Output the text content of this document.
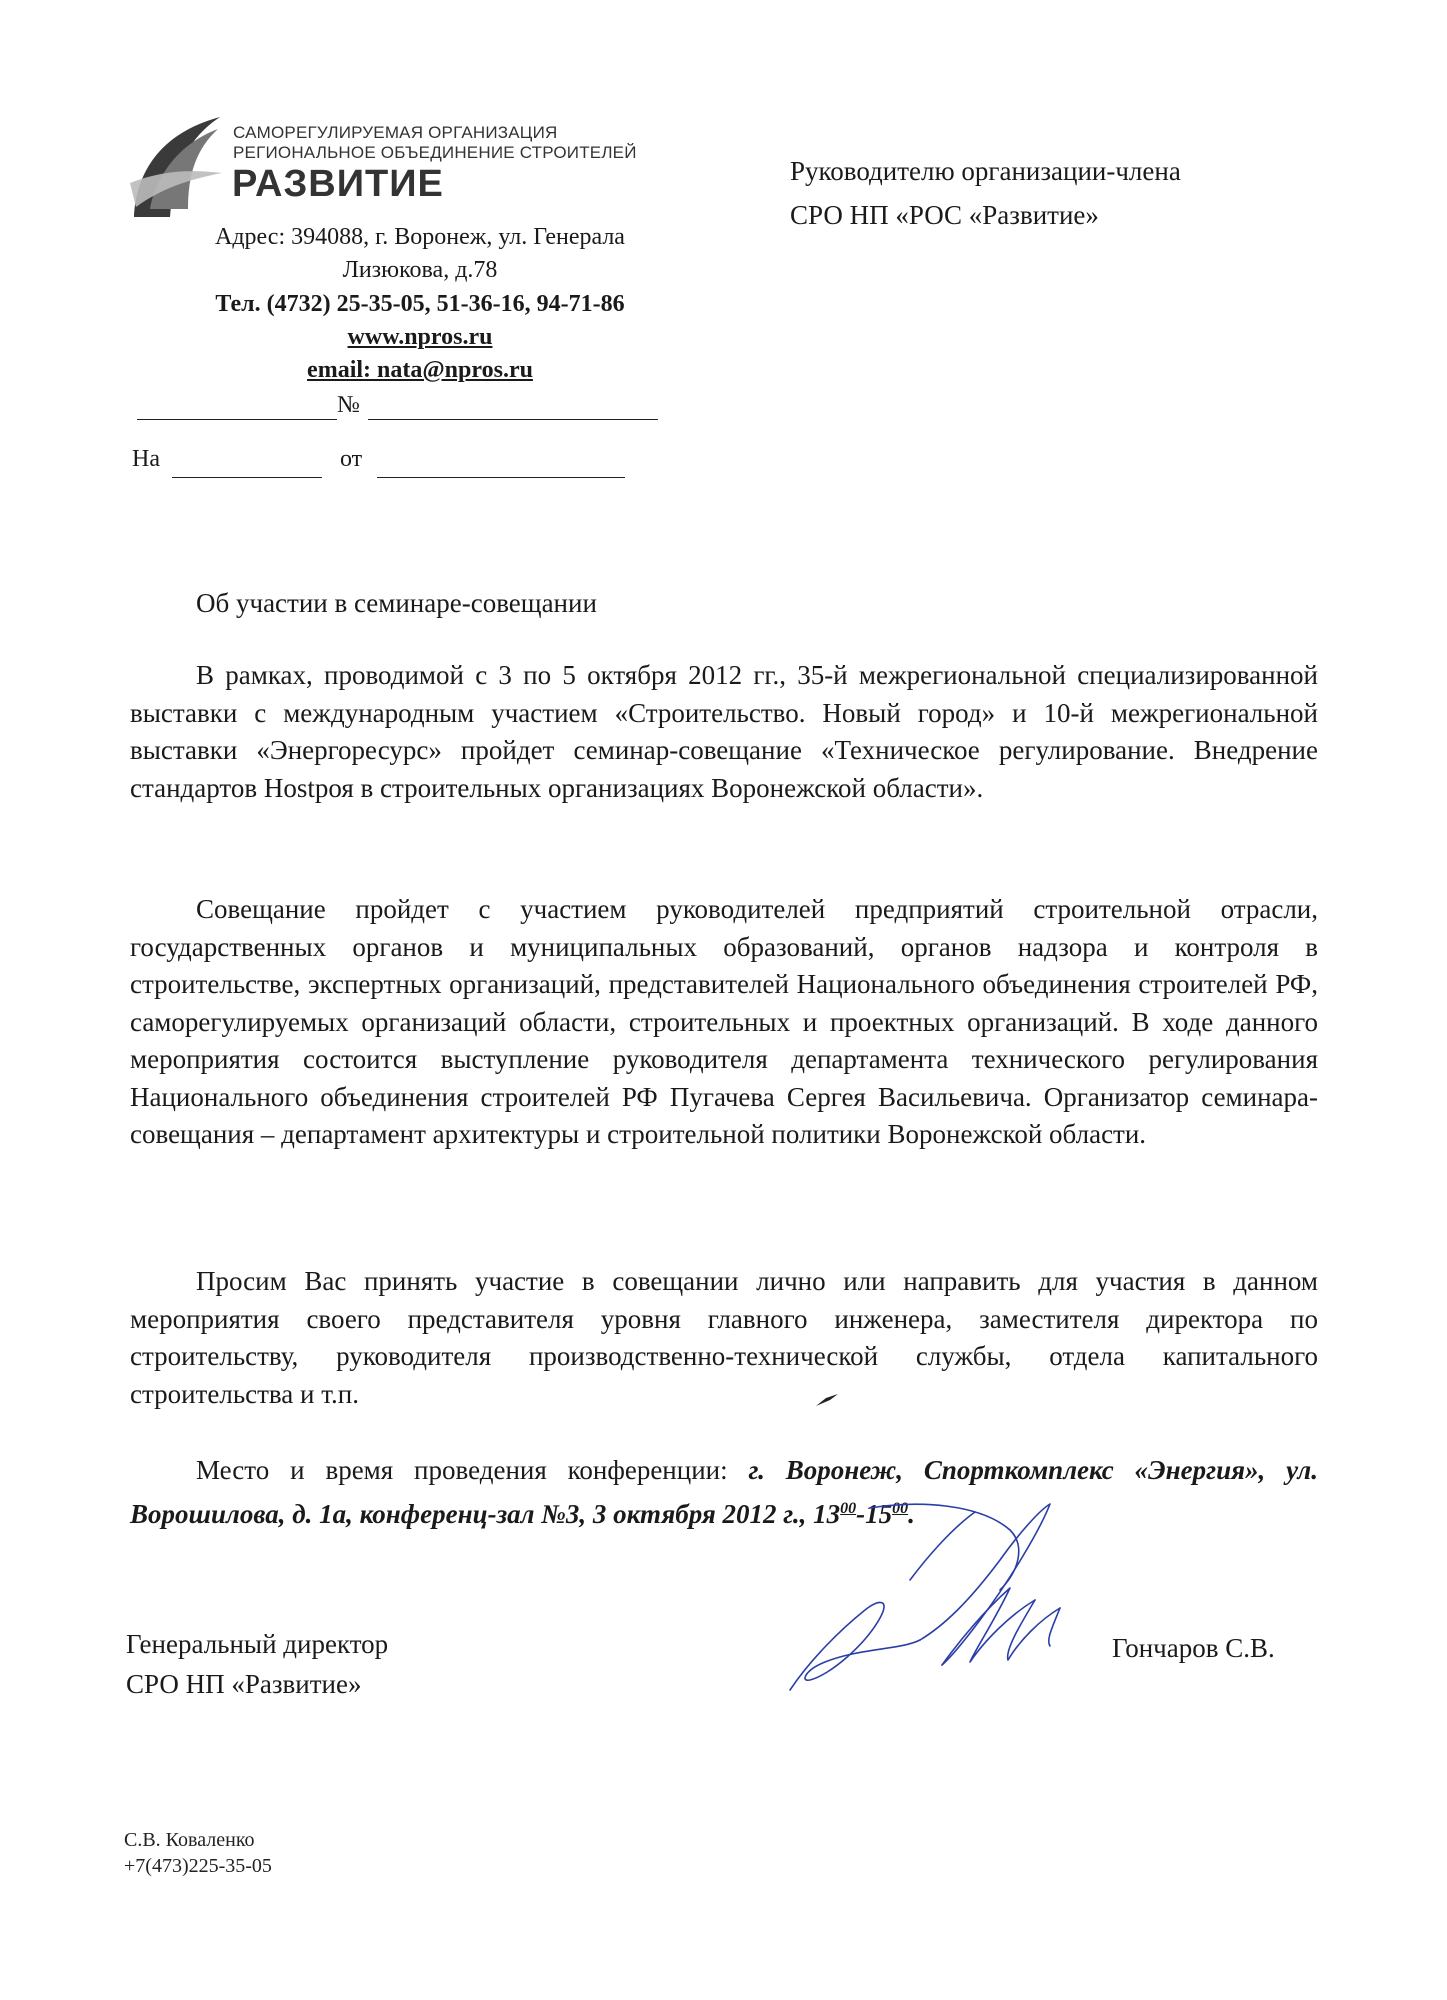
САМОРЕГУЛИРУЕМАЯ ОРГАНИЗАЦИЯ
РЕГИОНАЛЬНОЕ ОБЪЕДИНЕНИЕ СТРОИТЕЛЕЙ
РАЗВИТИЕ
Адрес: 394088, г. Воронеж, ул. Генерала
Лизюкова, д.78
Тел. (4732) 25-35-05, 51-36-16, 94-71-86
www.npros.ru
email: nata@npros.ru
№
На	от
Руководителю организации-члена
СРО НП «РОС «Развитие»
Об участии в семинаре-совещании

В рамках, проводимой с 3 по 5 октября 2012 гг., 35-й межрегиональной специализированной выставки с международным участием «Строительство. Новый город» и 10-й межрегиональной выставки «Энергоресурс» пройдет семинар-совещание «Техническое регулирование. Внедрение стандартов Нostроя в строительных организациях Воронежской области».

Совещание пройдет с участием руководителей предприятий строительной отрасли, государственных органов и муниципальных образований, органов надзора и контроля в строительстве, экспертных организаций, представителей Национального объединения строителей РФ, саморегулируемых организаций области, строительных и проектных организаций. В ходе данного мероприятия состоится выступление руководителя департамента технического регулирования Национального объединения строителей РФ Пугачева Сергея Васильевича. Организатор семинара-совещания – департамент архитектуры и строительной политики Воронежской области.

Просим Вас принять участие в совещании лично или направить для участия в данном мероприятия своего представителя уровня главного инженера, заместителя директора по строительству, руководителя производственно-технической службы, отдела капитального строительства и т.п.

Место и время проведения конференции: г. Воронеж, Спорткомплекс «Энергия», ул. Ворошилова, д. 1а, конференц-зал №3, 3 октября 2012 г., $13^{00}-15^{00}$.

Генеральный директор
СРО НП «Развитие»
Гончаров С.В.
С.В. Коваленко
+7(473)225-35-05
